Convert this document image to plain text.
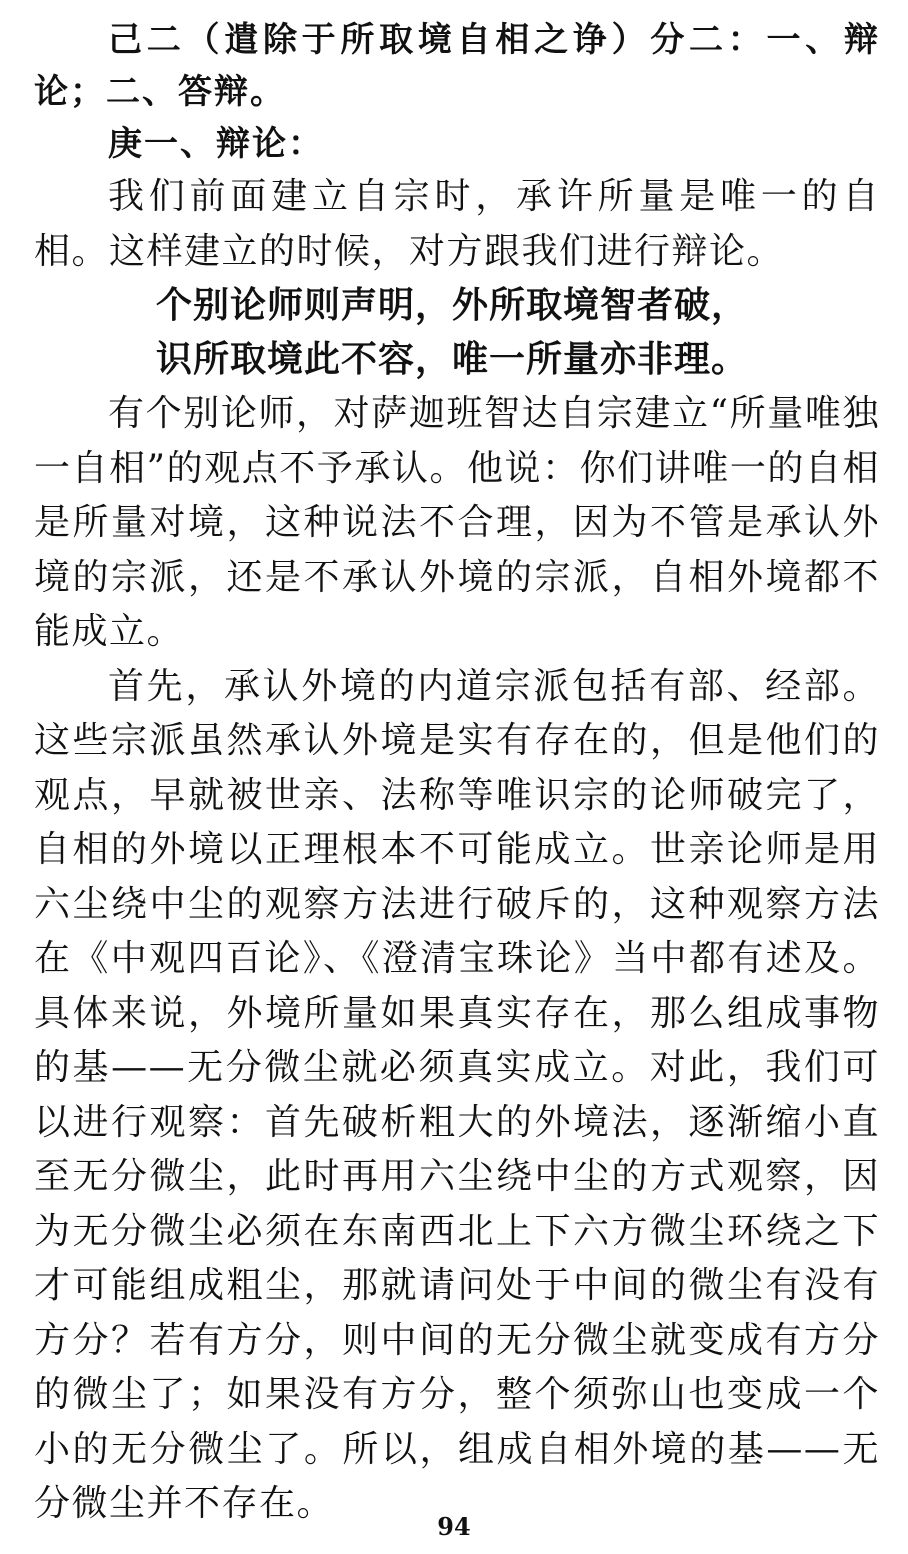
己二（遣除于所取境自相之诤）分二：一、辩论；二、答辩。

庚一、辩论：

我们前面建立自宗时，承许所量是唯一的自相。这样建立的时候，对方跟我们进行辩论。

个别论师则声明，外所取境智者破，

识所取境此不容，唯一所量亦非理。

有个别论师，对萨迦班智达自宗建立“所量唯独一自相”的观点不予承认。他说：你们讲唯一的自相是所量对境，这种说法不合理，因为不管是承认外境的宗派，还是不承认外境的宗派，自相外境都不能成立。

首先，承认外境的内道宗派包括有部、经部。这些宗派虽然承认外境是实有存在的，但是他们的观点，早就被世亲、法称等唯识宗的论师破完了，自相的外境以正理根本不可能成立。世亲论师是用六尘绕中尘的观察方法进行破斥的，这种观察方法在《中观四百论》、《澄清宝珠论》当中都有述及。具体来说，外境所量如果真实存在，那么组成事物的基——无分微尘就必须真实成立。对此，我们可以进行观察：首先破析粗大的外境法，逐渐缩小直至无分微尘，此时再用六尘绕中尘的方式观察，因为无分微尘必须在东南西北上下六方微尘环绕之下才可能组成粗尘，那就请问处于中间的微尘有没有方分？若有方分，则中间的无分微尘就变成有方分的微尘了；如果没有方分，整个须弥山也变成一个小的无分微尘了。所以，组成自相外境的基——无分微尘并不存在。

94
